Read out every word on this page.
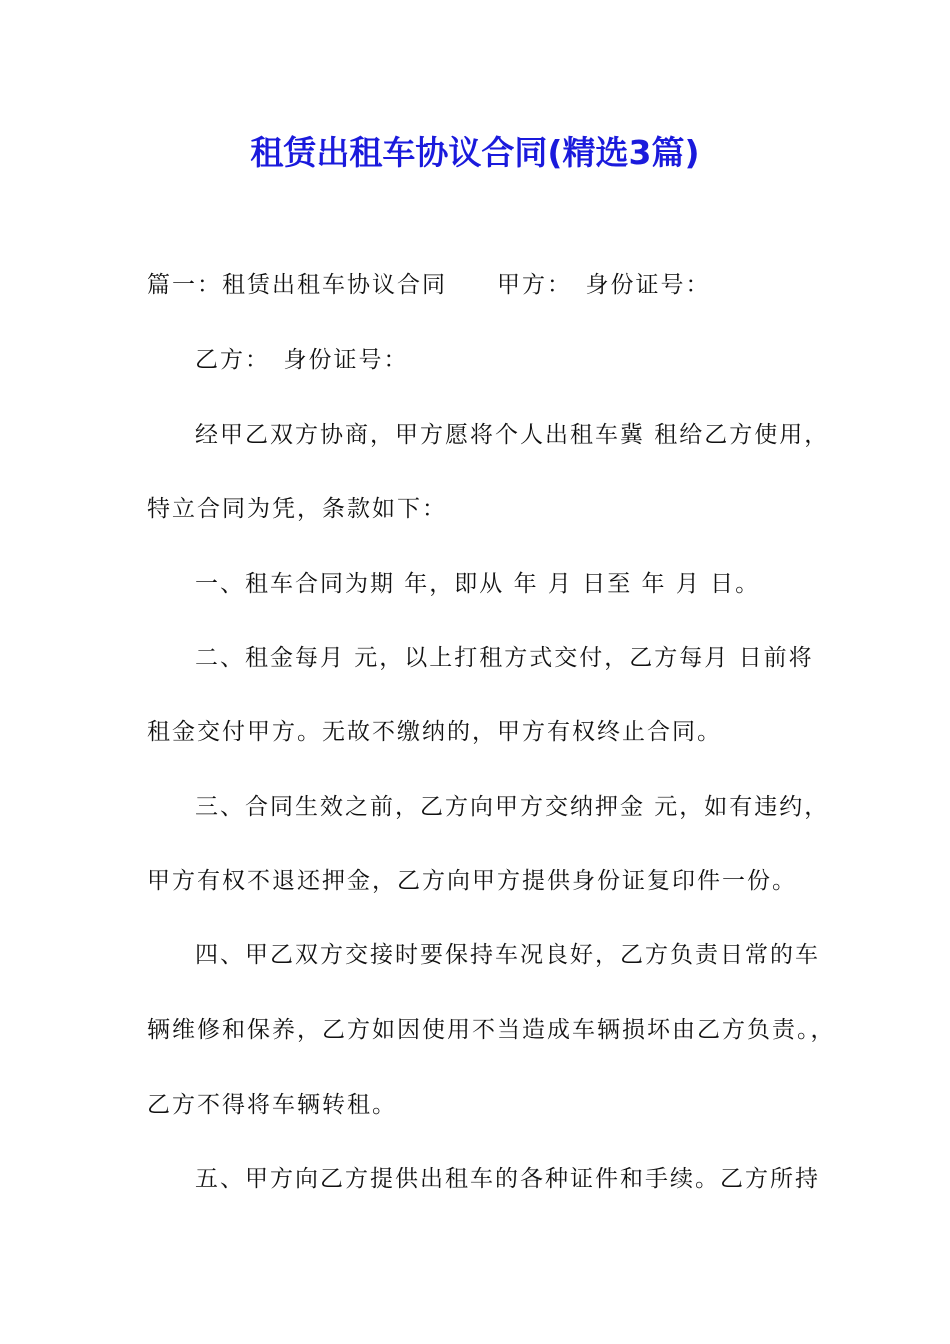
租赁出租车协议合同(精选3篇)

篇一：租赁出租车协议合同　　甲方：　身份证号：

乙方：　身份证号：

经甲乙双方协商，甲方愿将个人出租车冀 租给乙方使用，

特立合同为凭，条款如下：

一、租车合同为期 年，即从 年 月 日至 年 月 日。

二、租金每月 元，以上打租方式交付，乙方每月 日前将

租金交付甲方。无故不缴纳的，甲方有权终止合同。

三、合同生效之前，乙方向甲方交纳押金 元，如有违约，

甲方有权不退还押金，乙方向甲方提供身份证复印件一份。

四、甲乙双方交接时要保持车况良好，乙方负责日常的车

辆维修和保养，乙方如因使用不当造成车辆损坏由乙方负责。，

乙方不得将车辆转租。

五、甲方向乙方提供出租车的各种证件和手续。乙方所持
